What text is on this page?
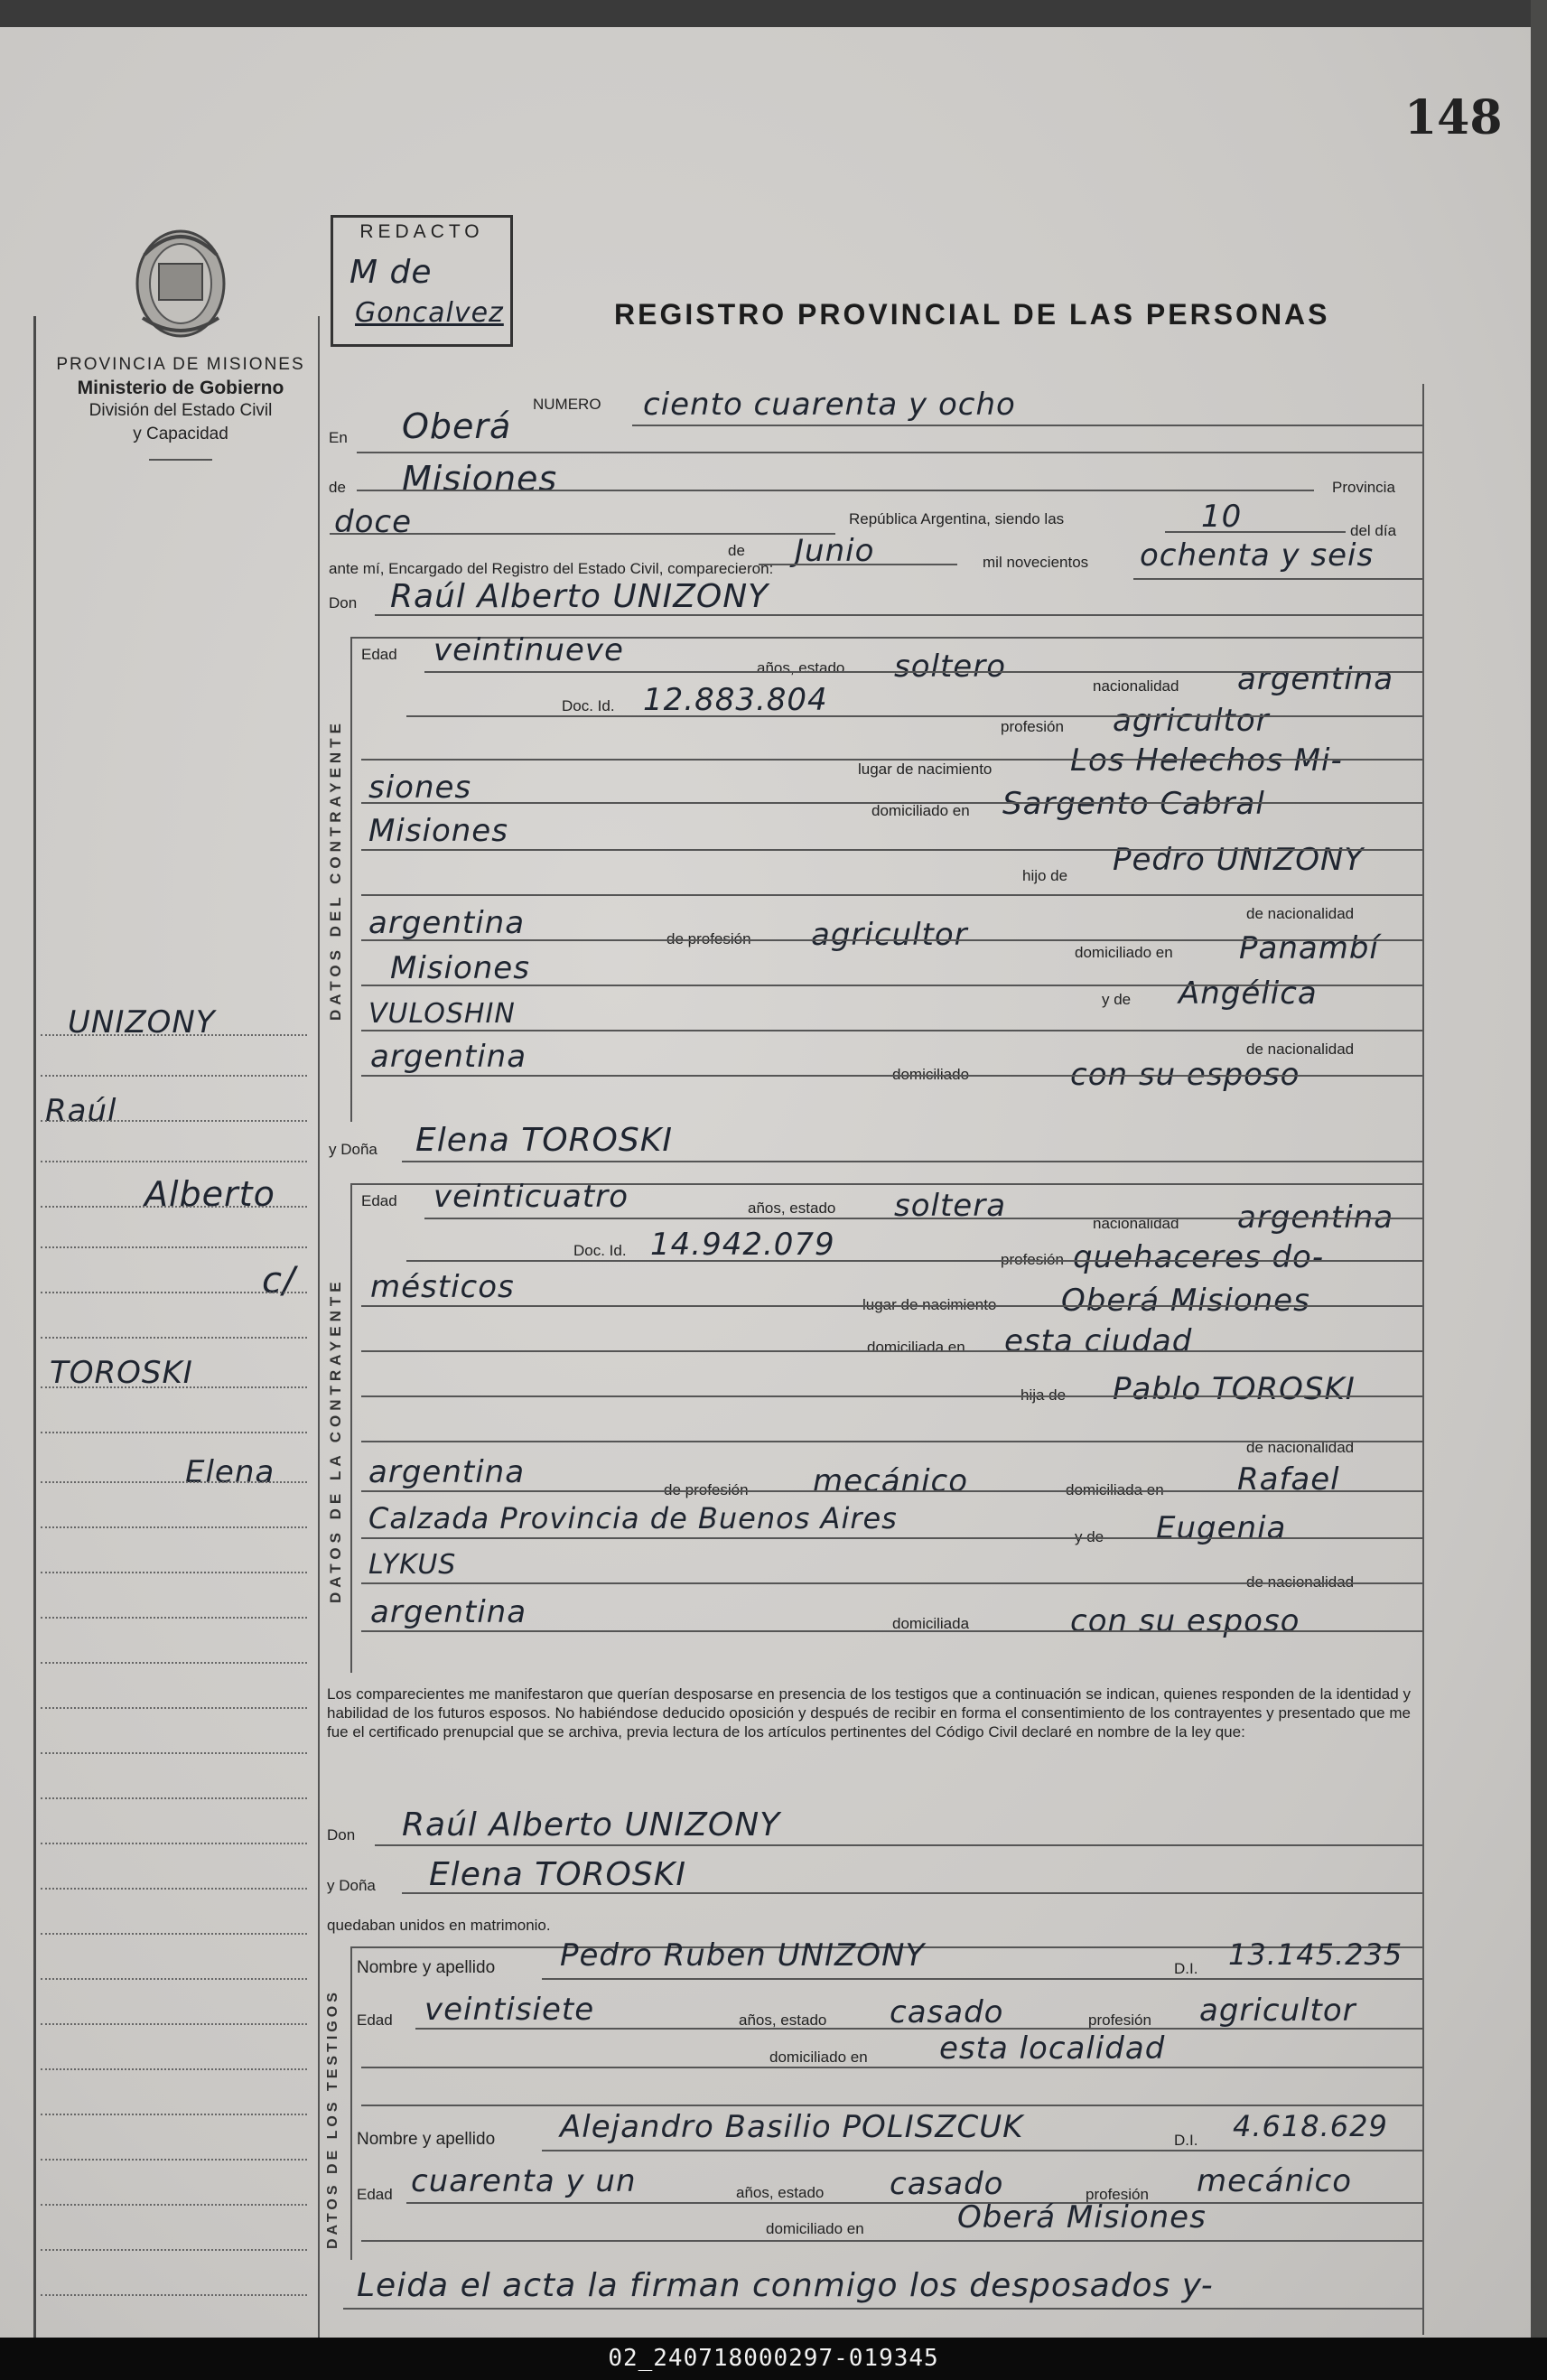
148
PROVINCIA DE MISIONES
Ministerio de Gobierno
División del Estado Civil
y Capacidad
REDACTO
M de
Goncalvez	REGISTRO PROVINCIAL DE LAS PERSONAS
UNIZONY
Raúl
Alberto
c/
TOROSKI
Elena
NUMERO ciento cuarenta y ocho
En Oberá
de Misiones	Provincia
doce	República Argentina, siendo las	10	del día
de Junio	mil novecientos ochenta y seis
ante mí, Encargado del Registro del Estado Civil, comparecieron:
Don Raúl Alberto UNIZONY
DATOS DEL CONTRAYENTE
Edad veintinueve	años, estado soltero
nacionalidad argentina
Doc. Id. 12.883.804
profesión agricultor
lugar de nacimiento	Los Helechos Mi-
siones
domiciliado en Sargento Cabral
Misiones
hijo de Pedro UNIZONY
de nacionalidad
argentina	de profesión agricultor	domiciliado en Panambí
Misiones
y de Angélica
VULOSHIN
de nacionalidad
argentina	domiciliado	con su esposo
y Doña Elena TOROSKI
DATOS DE LA CONTRAYENTE
Edad veinticuatro	años, estado soltera	nacionalidad argentina
Doc. Id. 14.942.079	profesión quehaceres do-
mésticos	lugar de nacimiento Oberá Misiones
domiciliada en esta ciudad
hija de Pablo TOROSKI
de nacionalidad
argentina	de profesión mecánico	domiciliada en Rafael
Calzada Provincia de Buenos Aires
y de Eugenia
LYKUS
de nacionalidad
argentina	domiciliada	con su esposo
Los comparecientes me manifestaron que querían desposarse en presencia de los testigos que a continuación se indican, quienes responden de la identidad y habilidad de los futuros esposos. No habiéndose deducido oposición y después de recibir en forma el consentimiento de los contrayentes y presentado que me fue el certificado prenupcial que se archiva, previa lectura de los artículos pertinentes del Código Civil declaré en nombre de la ley que:
Don Raúl Alberto UNIZONY
y Doña Elena TOROSKI
quedaban unidos en matrimonio.
DATOS DE LOS TESTIGOS
Nombre y apellido Pedro Ruben UNIZONY	D.I. 13.145.235
Edad veintisiete	años, estado casado	profesión agricultor
domiciliado en esta localidad
Nombre y apellido Alejandro Basilio POLISZCUK	D.I. 4.618.629
Edad cuarenta y un	años, estado casado	profesión mecánico
domiciliado en	Oberá Misiones
Leida el acta la firman conmigo los desposados y-
02_240718000297-019345
